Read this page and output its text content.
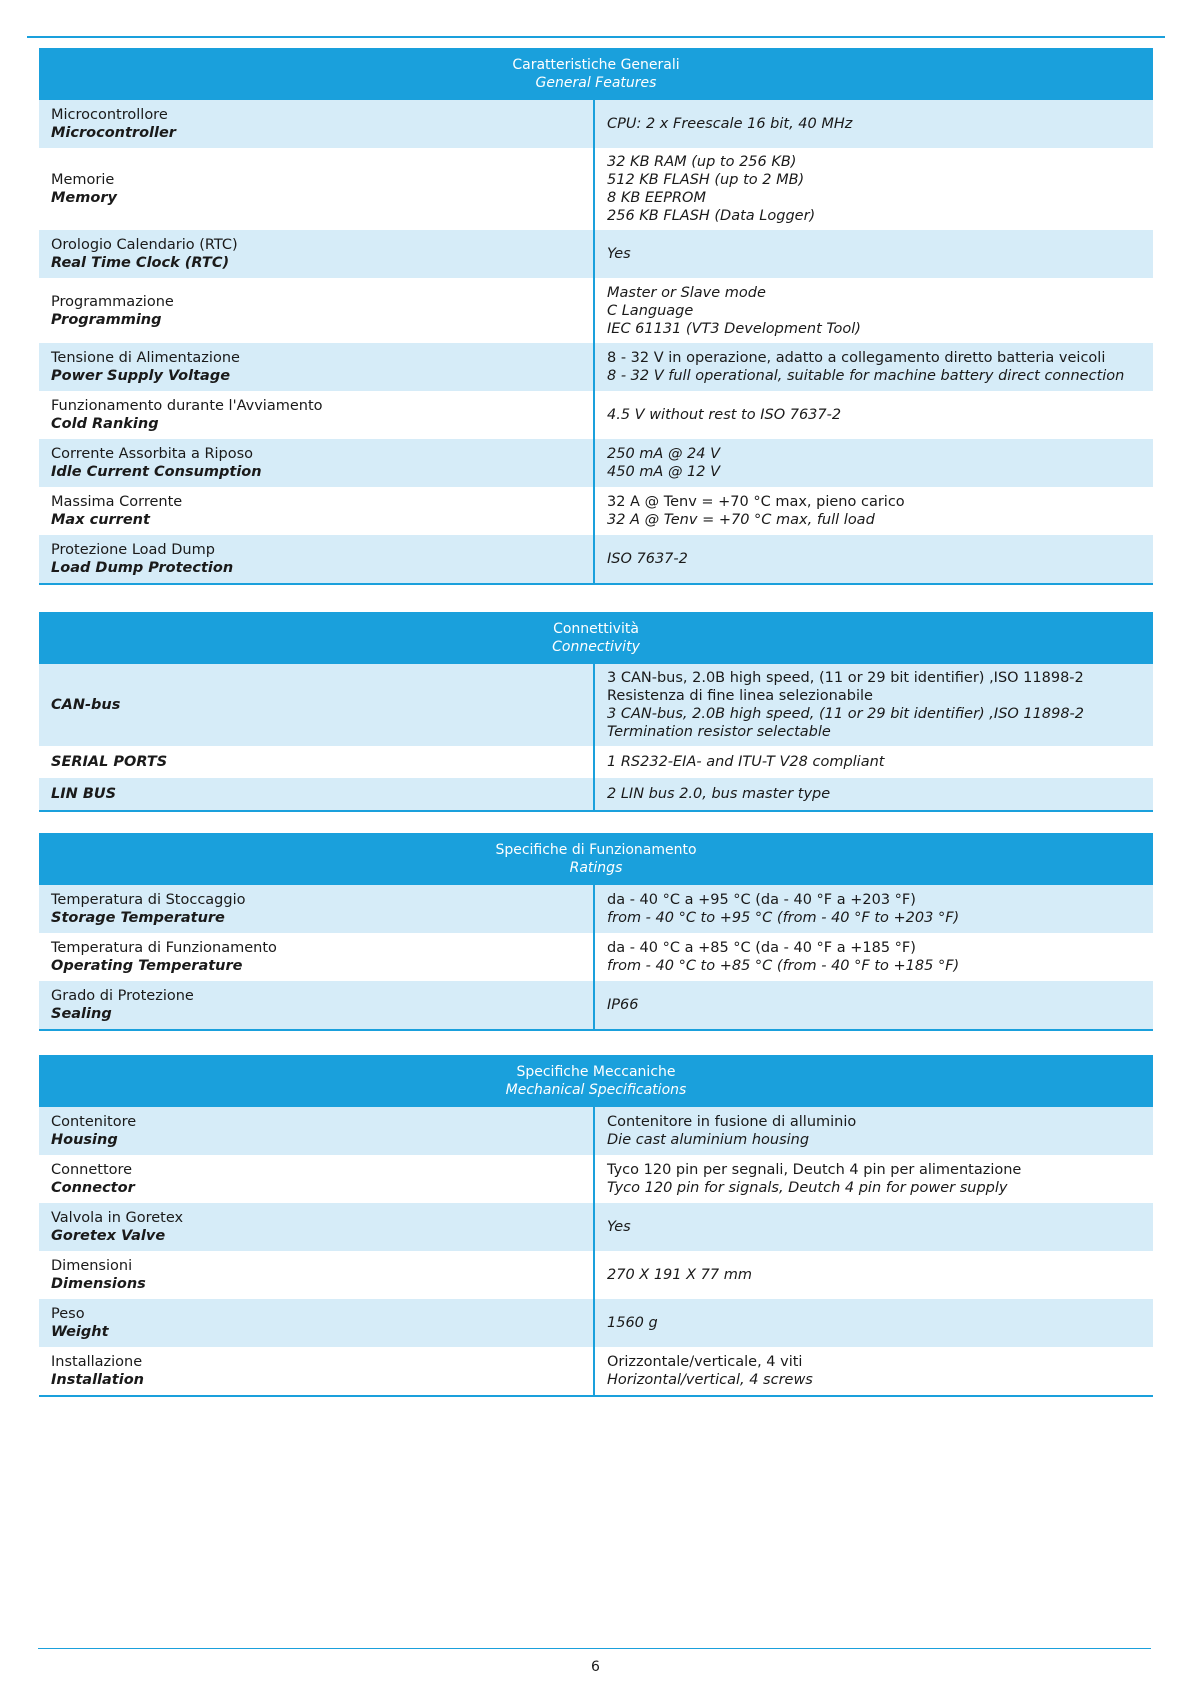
Caratteristiche Generali
General Features
Microcontrollore
Microcontroller
CPU: 2 x Freescale 16 bit, 40 MHz
Memorie
Memory
32 KB RAM (up to 256 KB)
512 KB FLASH (up to 2 MB)
8 KB EEPROM
256 KB FLASH (Data Logger)
Orologio Calendario (RTC)
Real Time Clock (RTC)
Yes
Programmazione
Programming
Master or Slave mode
C Language
IEC 61131 (VT3 Development Tool)
Tensione di Alimentazione
Power Supply Voltage
8 - 32 V in operazione, adatto a collegamento diretto batteria veicoli
8 - 32 V full operational, suitable for machine battery direct connection
Funzionamento durante l'Avviamento
Cold Ranking
4.5 V without rest to ISO 7637-2
Corrente Assorbita a Riposo
Idle Current Consumption
250 mA @ 24 V
450 mA @ 12 V
Massima Corrente
Max current
32 A @ Tenv = +70 °C max, pieno carico
32 A @ Tenv = +70 °C max, full load
Protezione Load Dump
Load Dump Protection
ISO 7637-2
Connettività
Connectivity
CAN-bus
3 CAN-bus, 2.0B high speed, (11 or 29 bit identifier) ,ISO 11898-2
Resistenza di fine linea selezionabile
3 CAN-bus, 2.0B high speed, (11 or 29 bit identifier) ,ISO 11898-2
Termination resistor selectable
SERIAL PORTS	1 RS232-EIA- and ITU-T V28 compliant
LIN BUS	2 LIN bus 2.0, bus master type
Specifiche di Funzionamento
Ratings
Temperatura di Stoccaggio
Storage Temperature
da - 40 °C a +95 °C (da - 40 °F a +203 °F)
from - 40 °C to +95 °C (from - 40 °F to +203 °F)
Temperatura di Funzionamento
Operating Temperature
da - 40 °C a +85 °C (da - 40 °F a +185 °F)
from - 40 °C to +85 °C (from - 40 °F to +185 °F)
Grado di Protezione
Sealing
IP66
Specifiche Meccaniche
Mechanical Specifications
Contenitore
Housing
Contenitore in fusione di alluminio
Die cast aluminium housing
Connettore
Connector
Tyco 120 pin per segnali, Deutch 4 pin per alimentazione
Tyco 120 pin for signals, Deutch 4 pin for power supply
Valvola in Goretex
Goretex Valve
Yes
Dimensioni
Dimensions
270 X 191 X 77 mm
Peso
Weight
1560 g
Installazione
Installation
Orizzontale/verticale, 4 viti
Horizontal/vertical, 4 screws
6
